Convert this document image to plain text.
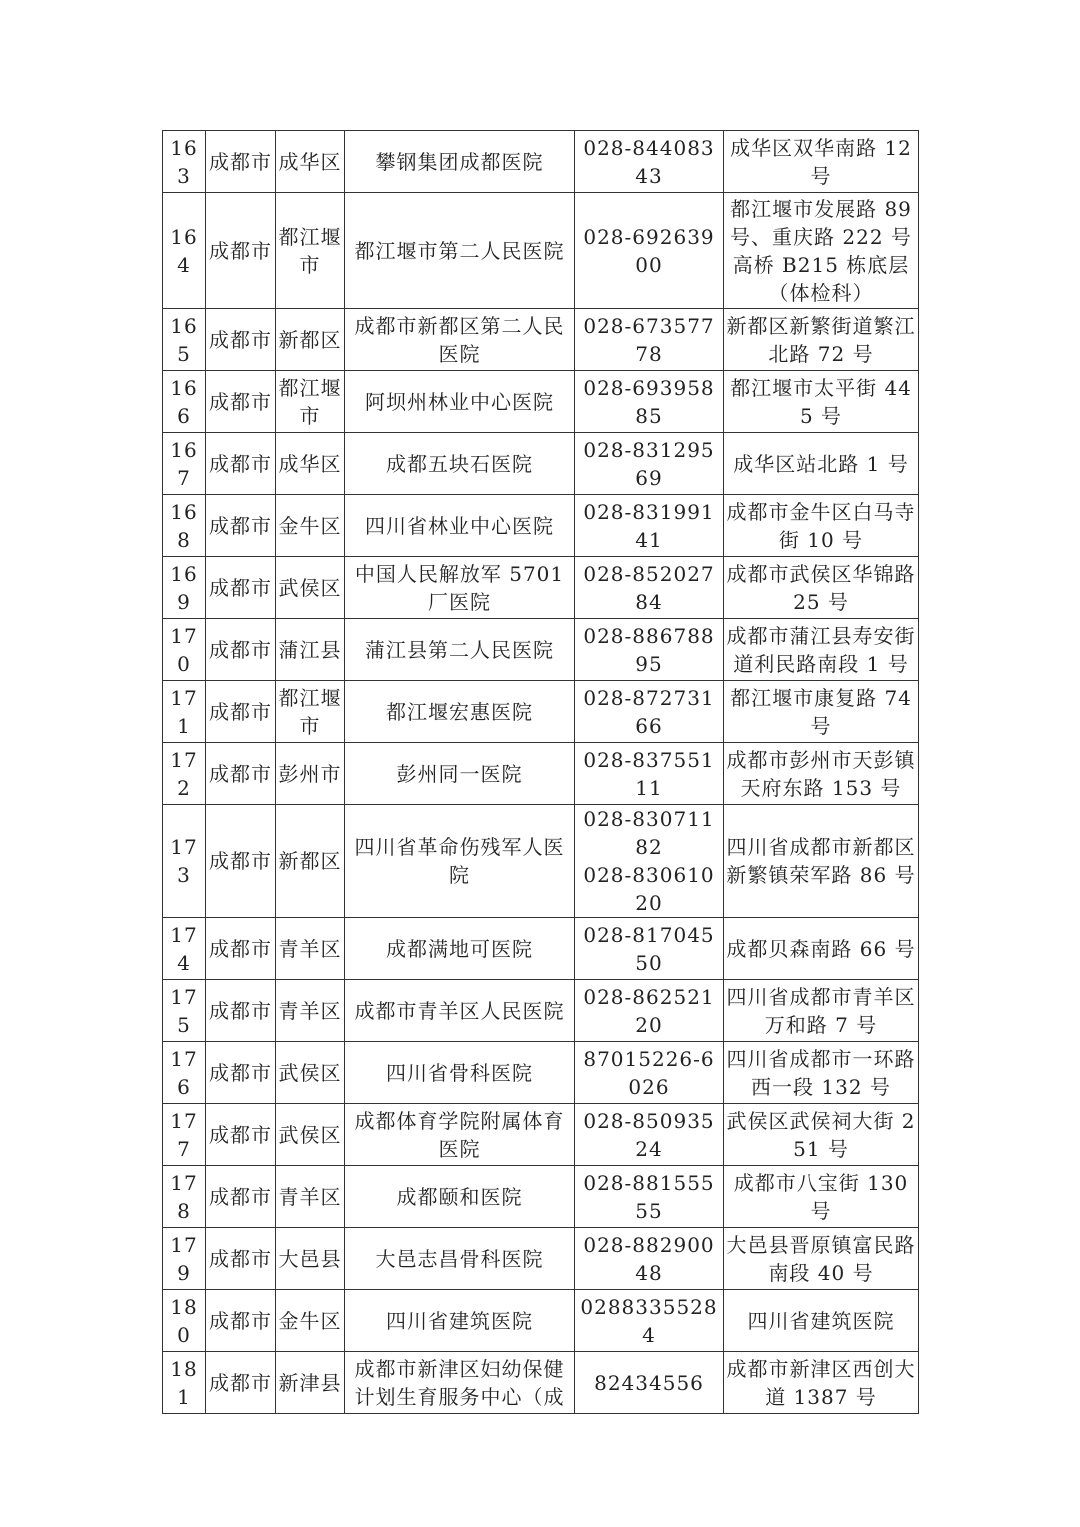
163	成都市	成华区	攀钢集团成都医院	028-84408343	成华区双华南路 12 号
164	成都市	都江堰市	都江堰市第二人民医院	028-69263900	都江堰市发展路 89 号、重庆路 222 号高桥 B215 栋底层（体检科）
165	成都市	新都区	成都市新都区第二人民医院	028-67357778	新都区新繁街道繁江北路 72 号
166	成都市	都江堰市	阿坝州林业中心医院	028-69395885	都江堰市太平街 445 号
167	成都市	成华区	成都五块石医院	028-83129569	成华区站北路 1 号
168	成都市	金牛区	四川省林业中心医院	028-83199141	成都市金牛区白马寺街 10 号
169	成都市	武侯区	中国人民解放军 5701 厂医院	028-85202784	成都市武侯区华锦路 25 号
170	成都市	蒲江县	蒲江县第二人民医院	028-88678895	成都市蒲江县寿安街道利民路南段 1 号
171	成都市	都江堰市	都江堰宏惠医院	028-87273166	都江堰市康复路 74 号
172	成都市	彭州市	彭州同一医院	028-83755111	成都市彭州市天彭镇天府东路 153 号
173	成都市	新都区	四川省革命伤残军人医院	028-83071182
028-83061020	四川省成都市新都区新繁镇荣军路 86 号
174	成都市	青羊区	成都满地可医院	028-81704550	成都贝森南路 66 号
175	成都市	青羊区	成都市青羊区人民医院	028-86252120	四川省成都市青羊区万和路 7 号
176	成都市	武侯区	四川省骨科医院	87015226-6026	四川省成都市一环路西一段 132 号
177	成都市	武侯区	成都体育学院附属体育医院	028-85093524	武侯区武侯祠大街 251 号
178	成都市	青羊区	成都颐和医院	028-88155555	成都市八宝街 130 号
179	成都市	大邑县	大邑志昌骨科医院	028-88290048	大邑县晋原镇富民路南段 40 号
180	成都市	金牛区	四川省建筑医院	02883355284	四川省建筑医院
181	成都市	新津县	成都市新津区妇幼保健计划生育服务中心（成	82434556	成都市新津区西创大道 1387 号
